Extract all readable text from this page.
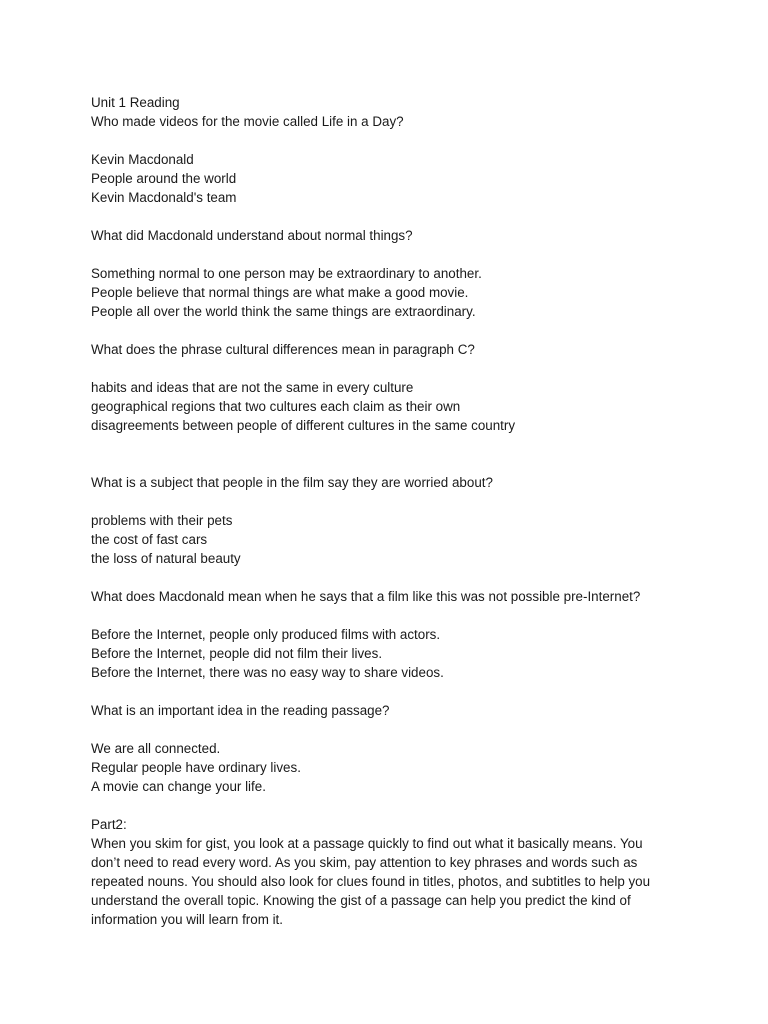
Unit 1 Reading
Who made videos for the movie called Life in a Day?
Kevin Macdonald
People around the world
Kevin Macdonald's team
What did Macdonald understand about normal things?
Something normal to one person may be extraordinary to another.
People believe that normal things are what make a good movie.
People all over the world think the same things are extraordinary.
What does the phrase cultural differences mean in paragraph C?
habits and ideas that are not the same in every culture
geographical regions that two cultures each claim as their own
disagreements between people of different cultures in the same country
What is a subject that people in the film say they are worried about?
problems with their pets
the cost of fast cars
the loss of natural beauty
What does Macdonald mean when he says that a film like this was not possible pre-Internet?
Before the Internet, people only produced films with actors.
Before the Internet, people did not film their lives.
Before the Internet, there was no easy way to share videos.
What is an important idea in the reading passage?
We are all connected.
Regular people have ordinary lives.
A movie can change your life.
Part2:
When you skim for gist, you look at a passage quickly to find out what it basically means. You
don’t need to read every word. As you skim, pay attention to key phrases and words such as
repeated nouns. You should also look for clues found in titles, photos, and subtitles to help you
understand the overall topic. Knowing the gist of a passage can help you predict the kind of
information you will learn from it.
